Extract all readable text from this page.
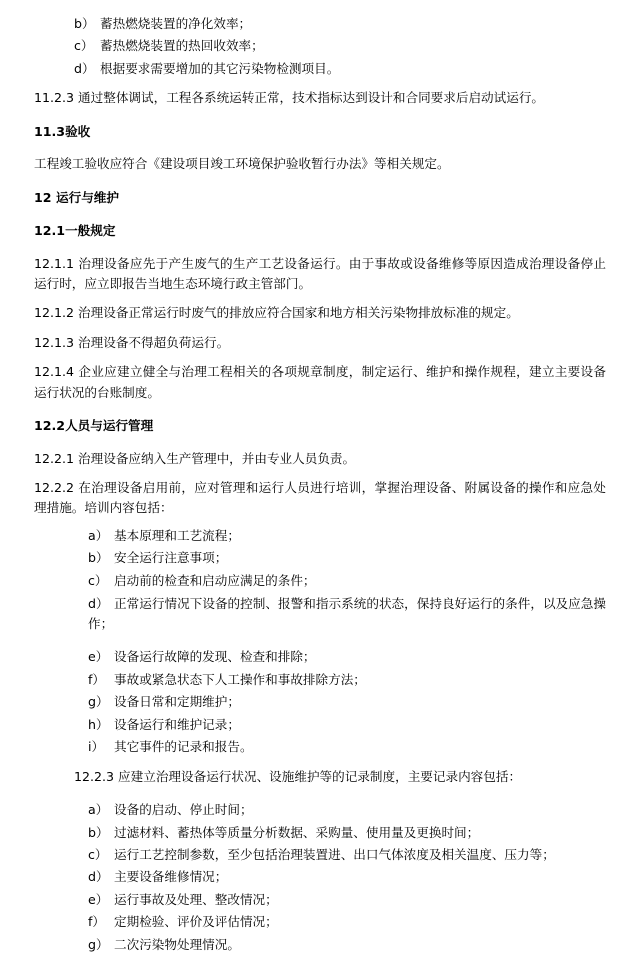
b） 蓄热燃烧装置的净化效率；
c） 蓄热燃烧装置的热回收效率；
d） 根据要求需要增加的其它污染物检测项目。

11.2.3 通过整体调试，工程各系统运转正常，技术指标达到设计和合同要求后启动试运行。

11.3验收

工程竣工验收应符合《建设项目竣工环境保护验收暂行办法》等相关规定。

12 运行与维护

12.1一般规定

12.1.1 治理设备应先于产生废气的生产工艺设备运行。由于事故或设备维修等原因造成治理设备停止运行时，应立即报告当地生态环境行政主管部门。

12.1.2 治理设备正常运行时废气的排放应符合国家和地方相关污染物排放标准的规定。

12.1.3 治理设备不得超负荷运行。

12.1.4 企业应建立健全与治理工程相关的各项规章制度，制定运行、维护和操作规程，建立主要设备运行状况的台账制度。

12.2人员与运行管理

12.2.1 治理设备应纳入生产管理中，并由专业人员负责。

12.2.2 在治理设备启用前，应对管理和运行人员进行培训，掌握治理设备、附属设备的操作和应急处理措施。培训内容包括：

a） 基本原理和工艺流程；
b） 安全运行注意事项；
c） 启动前的检查和启动应满足的条件；

d） 正常运行情况下设备的控制、报警和指示系统的状态，保持良好运行的条件，以及应急操作；

e） 设备运行故障的发现、检查和排除；
f） 事故或紧急状态下人工操作和事故排除方法；
g） 设备日常和定期维护；
h） 设备运行和维护记录；
i） 其它事件的记录和报告。

12.2.3 应建立治理设备运行状况、设施维护等的记录制度，主要记录内容包括：

a） 设备的启动、停止时间；
b） 过滤材料、蓄热体等质量分析数据、采购量、使用量及更换时间；
c） 运行工艺控制参数，至少包括治理装置进、出口气体浓度及相关温度、压力等；
d） 主要设备维修情况；
e） 运行事故及处理、整改情况；
f） 定期检验、评价及评估情况；
g） 二次污染物处理情况。
